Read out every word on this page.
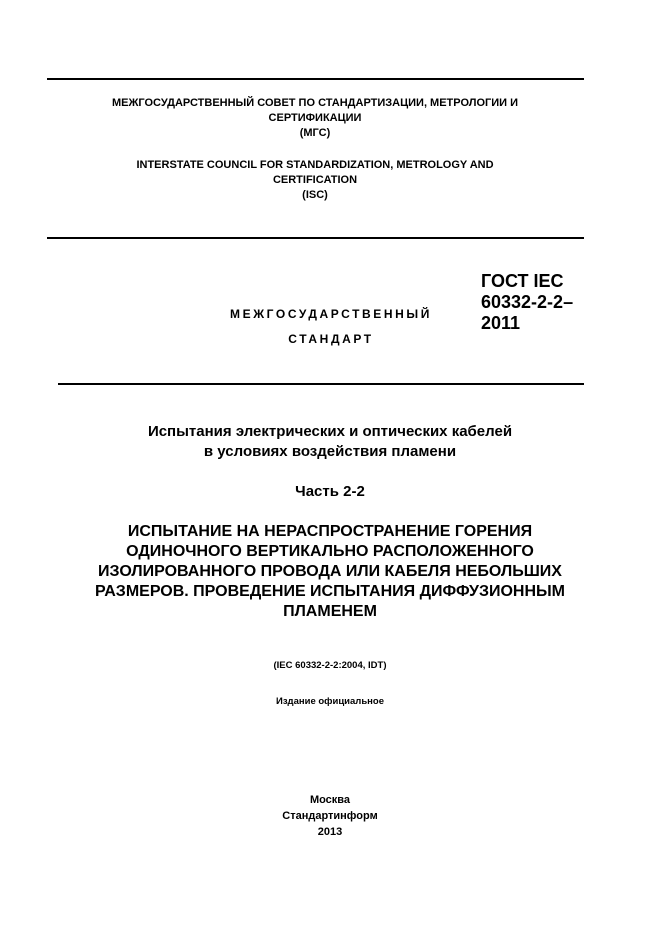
МЕЖГОСУДАРСТВЕННЫЙ СОВЕТ ПО СТАНДАРТИЗАЦИИ, МЕТРОЛОГИИ И
СЕРТИФИКАЦИИ
(МГС)
INTERSTATE COUNCIL FOR STANDARDIZATION, METROLOGY AND
CERTIFICATION
(ISC)
МЕЖГОСУДАРСТВЕННЫЙ
СТАНДАРТ
ГОСТ IEC
60332-2-2–
2011
Испытания электрических и оптических кабелей
в условиях воздействия пламени
Часть 2-2
ИСПЫТАНИЕ НА НЕРАСПРОСТРАНЕНИЕ ГОРЕНИЯ
ОДИНОЧНОГО ВЕРТИКАЛЬНО РАСПОЛОЖЕННОГО
ИЗОЛИРОВАННОГО ПРОВОДА ИЛИ КАБЕЛЯ НЕБОЛЬШИХ
РАЗМЕРОВ. ПРОВЕДЕНИЕ ИСПЫТАНИЯ ДИФФУЗИОННЫМ
ПЛАМЕНЕМ
(IEC 60332-2-2:2004, IDT)
Издание официальное
Москва
Стандартинформ
2013
